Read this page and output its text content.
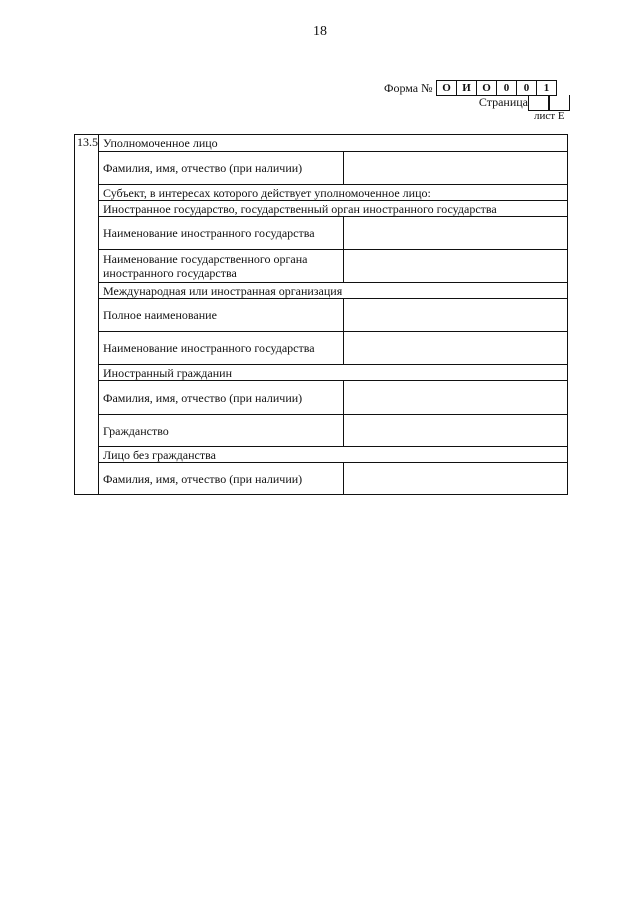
18
Форма № О	И	О	0	0	1
Страница
лист Е
13.5 Уполномоченное лицо
Фамилия, имя, отчество (при наличии)
Субъект, в интересах которого действует уполномоченное лицо:
Иностранное государство, государственный орган иностранного государства
Наименование иностранного государства
Наименование государственного органа иностранного государства
Международная или иностранная организация
Полное наименование
Наименование иностранного государства
Иностранный гражданин
Фамилия, имя, отчество (при наличии)
Гражданство
Лицо без гражданства
Фамилия, имя, отчество (при наличии)
